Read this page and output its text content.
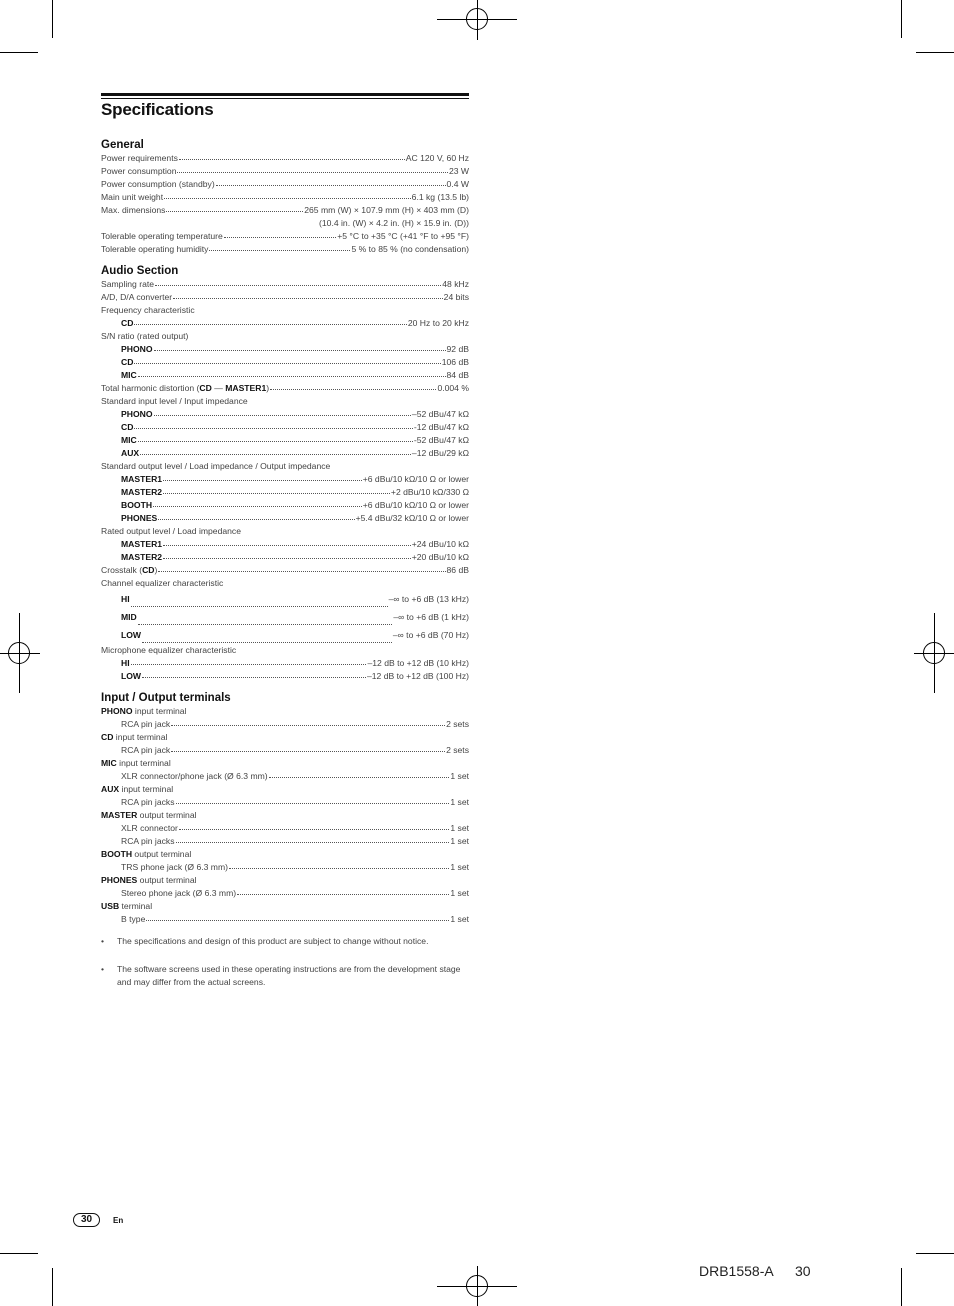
Specifications
General
Power requirements	AC 120 V, 60 Hz
Power consumption	23 W
Power consumption (standby)	0.4 W
Main unit weight	6.1 kg (13.5 lb)
Max. dimensions	265 mm (W) × 107.9 mm (H) × 403 mm (D)
(10.4 in. (W) × 4.2 in. (H) × 15.9 in. (D))
Tolerable operating temperature	+5 °C to +35 °C (+41 °F to +95 °F)
Tolerable operating humidity	5 % to 85 % (no condensation)
Audio Section
Sampling rate	48 kHz
A/D, D/A converter	24 bits
Frequency characteristic
CD	20 Hz to 20 kHz
S/N ratio (rated output)
PHONO	92 dB
CD	106 dB
MIC	84 dB
Total harmonic distortion (CD — MASTER1)	0.004 %
Standard input level / Input impedance
PHONO	–52 dBu/47 kΩ
CD	-12 dBu/47 kΩ
MIC	-52 dBu/47 kΩ
AUX	–12 dBu/29 kΩ
Standard output level / Load impedance / Output impedance
MASTER1	+6 dBu/10 kΩ/10 Ω or lower
MASTER2	+2 dBu/10 kΩ/330 Ω
BOOTH	+6 dBu/10 kΩ/10 Ω or lower
PHONES	+5.4 dBu/32 kΩ/10 Ω or lower
Rated output level / Load impedance
MASTER1	+24 dBu/10 kΩ
MASTER2	+20 dBu/10 kΩ
Crosstalk (CD)	86 dB
Channel equalizer characteristic
HI	–∞ to +6 dB (13 kHz)
MID	–∞ to +6 dB (1 kHz)
LOW	–∞ to +6 dB (70 Hz)
Microphone equalizer characteristic
HI	–12 dB to +12 dB (10 kHz)
LOW	–12 dB to +12 dB (100 Hz)
Input / Output terminals
PHONO input terminal
RCA pin jack	2 sets
CD input terminal
RCA pin jack	2 sets
MIC input terminal
XLR connector/phone jack (Ø 6.3 mm)	1 set
AUX input terminal
RCA pin jacks	1 set
MASTER output terminal
XLR connector	1 set
RCA pin jacks	1 set
BOOTH output terminal
TRS phone jack (Ø 6.3 mm)	1 set
PHONES output terminal
Stereo phone jack (Ø 6.3 mm)	1 set
USB terminal
B type	1 set
•	The specifications and design of this product are subject to change without notice.
•	The software screens used in these operating instructions are from the development stage and may differ from the actual screens.
30	En
DRB1558-A 30
